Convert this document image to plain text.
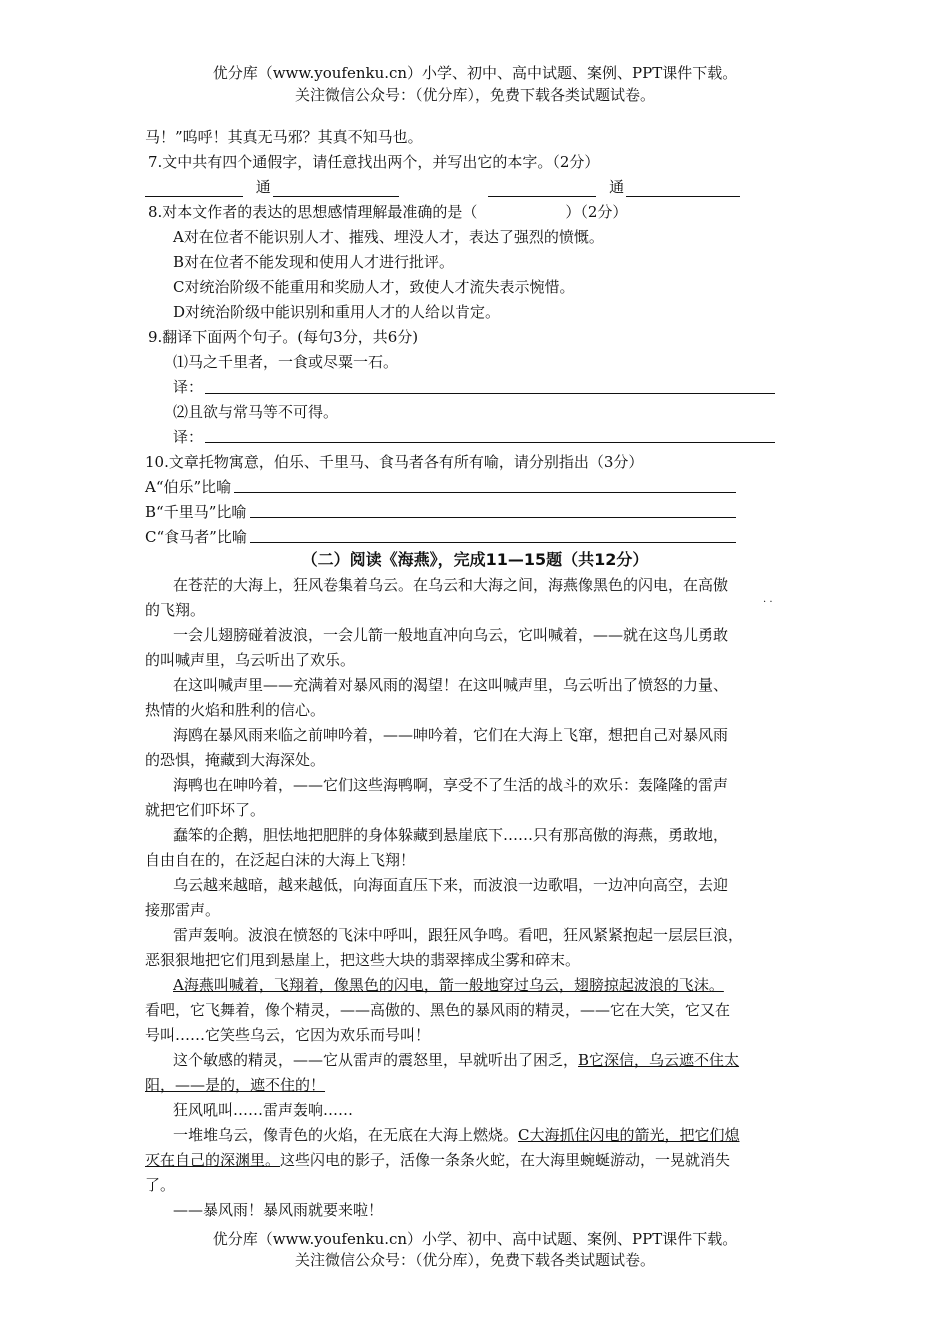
优分库（www.youfenku.cn）小学、初中、高中试题、案例、PPT课件下载。
关注微信公众号：（优分库），免费下载各类试题试卷。
马！”呜呼！其真无马邪？其真不知马也。
7.文中共有四个通假字，请任意找出两个，并写出它的本字。（2分）
通	通
8.对本文作者的表达的思想感情理解最准确的是（	）（2分）
A对在位者不能识别人才、摧残、埋没人才，表达了强烈的愤慨。
B对在位者不能发现和使用人才进行批评。
C对统治阶级不能重用和奖励人才，致使人才流失表示惋惜。
D对统治阶级中能识别和重用人才的人给以肯定。
9.翻译下面两个句子。(每句3分，共6分)
⑴马之千里者，一食或尽粟一石。
译：
⑵且欲与常马等不可得。
译：
10.文章托物寓意，伯乐、千里马、食马者各有所有喻，请分别指出（3分）
A“伯乐”比喻
B“千里马”比喻
C“食马者”比喻
（二）阅读《海燕》，完成11—15题（共12分）
在苍茫的大海上，狂风卷集着乌云。在乌云和大海之间，海燕像黑色的闪电，在高傲
. .
的飞翔。
一会儿翅膀碰着波浪，一会儿箭一般地直冲向乌云，它叫喊着，——就在这鸟儿勇敢
的叫喊声里，乌云听出了欢乐。
在这叫喊声里——充满着对暴风雨的渴望！在这叫喊声里，乌云听出了愤怒的力量、
热情的火焰和胜利的信心。
海鸥在暴风雨来临之前呻吟着，——呻吟着，它们在大海上飞窜，想把自己对暴风雨
的恐惧，掩藏到大海深处。
海鸭也在呻吟着，——它们这些海鸭啊，享受不了生活的战斗的欢乐：轰隆隆的雷声
就把它们吓坏了。
蠢笨的企鹅，胆怯地把肥胖的身体躲藏到悬崖底下……只有那高傲的海燕，勇敢地，
自由自在的，在泛起白沫的大海上飞翔！
乌云越来越暗，越来越低，向海面直压下来，而波浪一边歌唱，一边冲向高空，去迎
接那雷声。
雷声轰响。波浪在愤怒的飞沫中呼叫，跟狂风争鸣。看吧，狂风紧紧抱起一层层巨浪，
恶狠狠地把它们甩到悬崖上，把这些大块的翡翠摔成尘雾和碎末。
A海燕叫喊着，飞翔着，像黑色的闪电，箭一般地穿过乌云，翅膀掠起波浪的飞沫。
看吧，它飞舞着，像个精灵，——高傲的、黑色的暴风雨的精灵，——它在大笑，它又在
号叫……它笑些乌云，它因为欢乐而号叫！
这个敏感的精灵，——它从雷声的震怒里，早就听出了困乏，B它深信，乌云遮不住太
阳，——是的，遮不住的！
狂风吼叫……雷声轰响……
一堆堆乌云，像青色的火焰，在无底在大海上燃烧。C大海抓住闪电的箭光，把它们熄
灭在自己的深渊里。这些闪电的影子，活像一条条火蛇，在大海里蜿蜒游动，一晃就消失
了。
——暴风雨！暴风雨就要来啦！
优分库（www.youfenku.cn）小学、初中、高中试题、案例、PPT课件下载。
关注微信公众号：（优分库），免费下载各类试题试卷。
